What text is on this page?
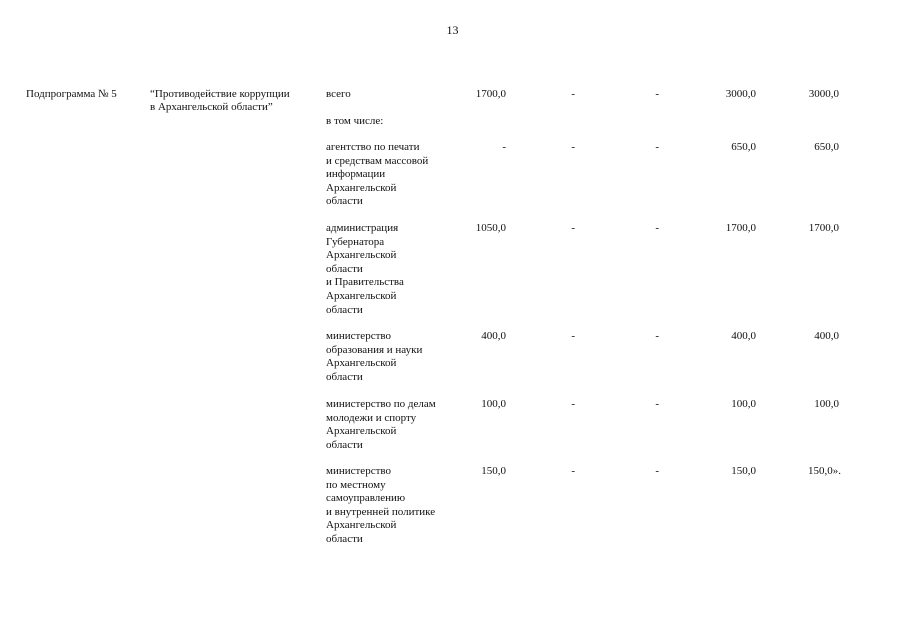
13
Подпрограмма № 5	“Противодействие коррупции
в Архангельской области”
всего	1700,0	-	-	3000,0	3000,0
в том числе:
агентство по печати
и средствам массовой
информации
Архангельской
области
-	-	-	650,0	650,0
администрация
Губернатора
Архангельской
области
и Правительства
Архангельской
области
1050,0	-	-	1700,0	1700,0
министерство
образования и науки
Архангельской
области
400,0	-	-	400,0	400,0
министерство по делам
молодежи и спорту
Архангельской
области
100,0	-	-	100,0	100,0
министерство
по местному
самоуправлению
и внутренней политике
Архангельской
области
150,0	-	-	150,0	150,0».
